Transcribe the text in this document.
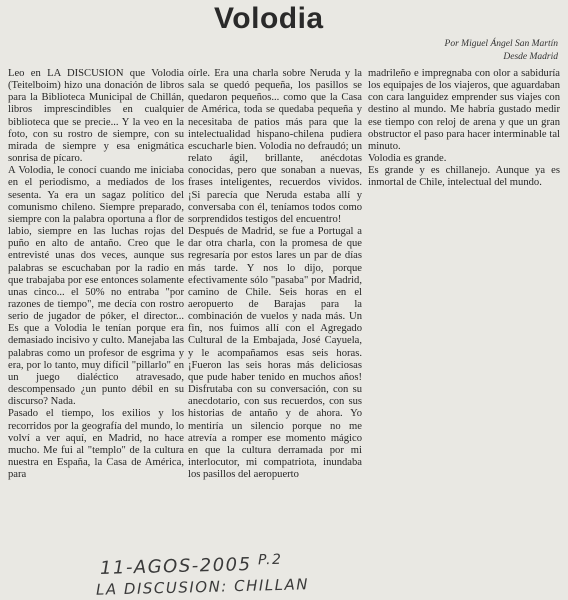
Volodia
Por Miguel Ángel San Martín
Desde Madrid

Leo en LA DISCUSION que Volodia (Teitelboim) hizo una donación de libros para la Biblioteca Municipal de Chillán, libros imprescindibles en cualquier biblioteca que se precie... Y la veo en la foto, con su rostro de siempre, con su mirada de siempre y esa enigmática sonrisa de pícaro.

A Volodia, le conocí cuando me iniciaba en el periodismo, a mediados de los sesenta. Ya era un sagaz político del comunismo chileno. Siempre preparado, siempre con la palabra oportuna a flor de labio, siempre en las luchas rojas del puño en alto de antaño. Creo que le entrevisté unas dos veces, aunque sus palabras se escuchaban por la radio en que trabajaba por ese entonces solamente unas cinco... el 50% no entraba "por razones de tiempo", me decía con rostro serio de jugador de póker, el director... Es que a Volodia le tenían porque era demasiado incisivo y culto. Manejaba las palabras como un profesor de esgrima y era, por lo tanto, muy difícil "pillarlo" en un juego dialéctico atravesado, descompensado ¿un punto débil en su discurso? Nada.

Pasado el tiempo, los exilios y los recorridos por la geografía del mundo, lo volví a ver aquí, en Madrid, no hace mucho. Me fui al "templo" de la cultura nuestra en España, la Casa de América, para

oírle. Era una charla sobre Neruda y la sala se quedó pequeña, los pasillos se quedaron pequeños... como que la Casa de América, toda se quedaba pequeña y necesitaba de patios más para que la intelectualidad hispano-chilena pudiera escucharle bien. Volodia no defraudó; un relato ágil, brillante, anécdotas conocidas, pero que sonaban a nuevas, frases inteligentes, recuerdos vividos. ¡Si parecía que Neruda estaba allí y conversaba con él, teníamos todos como sorprendidos testigos del encuentro!

Después de Madrid, se fue a Portugal a dar otra charla, con la promesa de que regresaría por estos lares un par de días más tarde. Y nos lo dijo, porque efectivamente sólo "pasaba" por Madrid, camino de Chile. Seis horas en el aeropuerto de Barajas para la combinación de vuelos y nada más. Un fin, nos fuimos allí con el Agregado Cultural de la Embajada, José Cayuela, y le acompañamos esas seis horas. ¡Fueron las seis horas más deliciosas que pude haber tenido en muchos años! Disfrutaba con su conversación, con su anecdotario, con sus recuerdos, con sus historias de antaño y de ahora. Yo mentiría un silencio porque no me atrevía a romper ese momento mágico en que la cultura derramada por mi interlocutor, mi compatriota, inundaba los pasillos del aeropuerto

madrileño e impregnaba con olor a sabiduría los equipajes de los viajeros, que aguardaban con cara languidez emprender sus viajes con destino al mundo. Me habría gustado medir ese tiempo con reloj de arena y que un gran obstructor el paso para hacer interminable tal minuto.

Volodia es grande.

Es grande y es chillanejo. Aunque ya es inmortal de Chile, intelectual del mundo.

11-AGOS-2005 P.2
LA DISCUSION: CHILLAN
